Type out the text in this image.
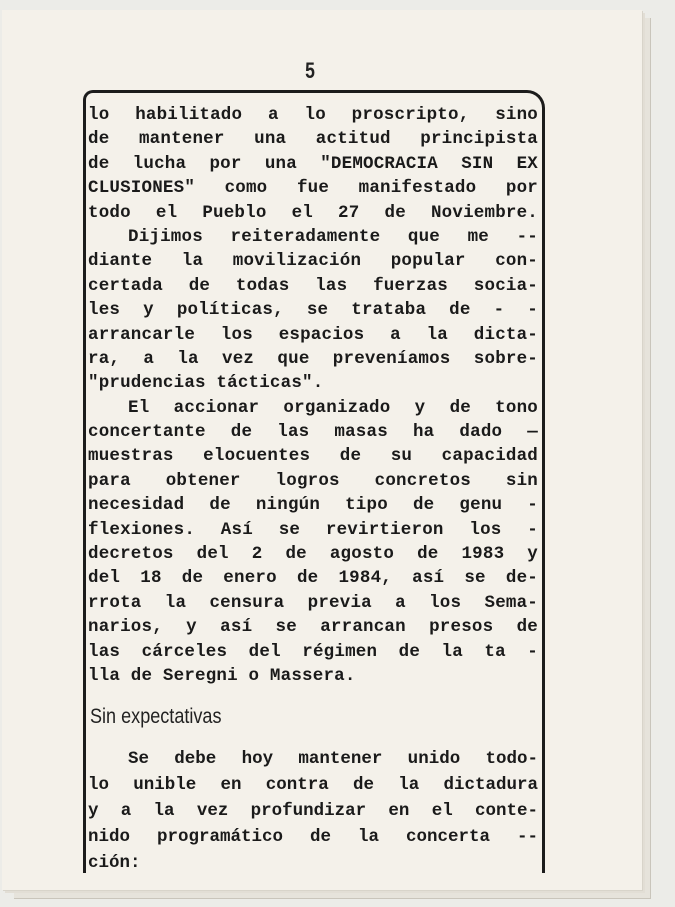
5
lo habilitado a lo proscripto, sino
de mantener una actitud principista
de lucha por una "DEMOCRACIA SIN EX
CLUSIONES" como fue manifestado por
todo el Pueblo el 27 de Noviembre.
Dijimos reiteradamente que me --
diante la movilización popular con-
certada de todas las fuerzas socia-
les y políticas, se trataba de - -
arrancarle los espacios a la dicta-
ra, a la vez que preveníamos sobre-
"prudencias tácticas".
El accionar organizado y de tono
concertante de las masas ha dado —
muestras elocuentes de su capacidad
para obtener logros concretos sin
necesidad de ningún tipo de genu -
flexiones. Así se revirtieron los -
decretos del 2 de agosto de 1983 y
del 18 de enero de 1984, así se de-
rrota la censura previa a los Sema-
narios, y así se arrancan presos de
las cárceles del régimen de la ta -
lla de Seregni o Massera.
Sin expectativas
Se debe hoy mantener unido todo-
lo unible en contra de la dictadura
y a la vez profundizar en el conte-
nido programático de la concerta --
ción:
